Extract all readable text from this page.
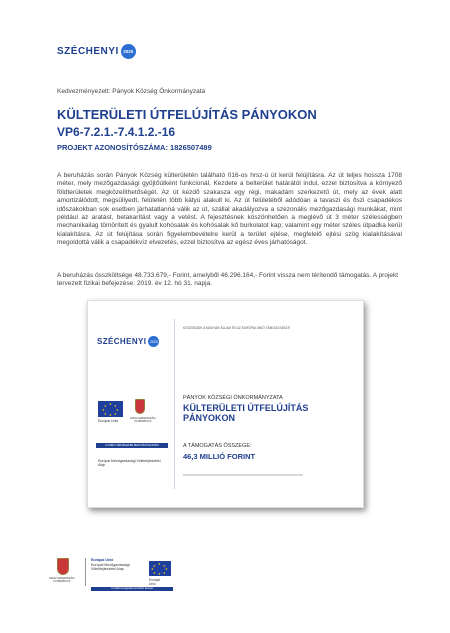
SZÉCHENYI 2020
Kedvezményezett: Pányok Község Önkormányzata
KÜLTERÜLETI ÚTFELÚJÍTÁS PÁNYOKON
VP6-7.2.1.-7.4.1.2.-16
PROJEKT AZONOSÍTÓSZÁMA: 1826507489

A beruházás során Pányok Község külterületén található 016-os hrsz-ú út kerül felújításra. Az út teljes hossza 1708 méter, mely mezőgazdasági gyűjtőútként funkcionál. Kezdete a belterület határától indul, ezzel biztosítva a környező földterületek megközelíthetőségét. Az út kezdő szakasza egy régi, makadám szerkezetű út, mely az évek alatt amortizálódott, megsüllyedt, felületén több kátyú alakult ki. Az út felületéből adódóan a tavaszi és őszi csapadékos időszakokban sok esetben járhatatlanná válik az út, szállal akadályozva a szezonális mezőgazdasági munkákat, mint például az aratást, betakarítást vagy a vetést. A fejesztésnek köszönhetően a meglévő út 3 méter szélességben mechanikailag tömörített és gyalult kohósalak és kohósalak kő burkolatot kap; valamint egy méter széles útpadka kerül kialakításra. Az út felújítása során figyelembevételre kerül a terület ejtése, megfelelő ejtési szög kialakításával megoldottá válik a csapadékvíz elvezetés, ezzel biztosítva az egész éves járhatóságot.

A beruházás összköltsége 48.733.679,- Forint, amelyből 46.296.164,- Forint vissza nem térítendő támogatás. A projekt tervezett fizikai befejezése: 2019. év 12. hó 31. napja.

SZÉCHENYI	2020
★ ★
★
★
★
★
★
★
Európai Unió
MAGYARORSZÁG KORMÁNYA
A VIDÉKI TÉRSÉGEKBE BERUHÁZÓ EURÓPA
Európai Mezőgazdasági Vidékfejlesztési Alap
KÖSZÖNJÜK A MAGYAR ÁLLAM ÉS AZ EURÓPAI UNIÓ TÁMOGATÁSÁT!
PÁNYOK KÖZSÉGI ÖNKORMÁNYZATA
KÜLTERÜLETI ÚTFELÚJÍTÁS PÁNYOKON
A TÁMOGATÁS ÖSSZEGE:
46,3 MILLIÓ FORINT
MAGYARORSZÁG KORMÁNYA
Európai Unió
Európai Mezőgazdasági
Vidékfejlesztési Alap
★ ★
★
★
★
★
★
★
Európai Unió
A vidéki térségekbe beruházó Európa
